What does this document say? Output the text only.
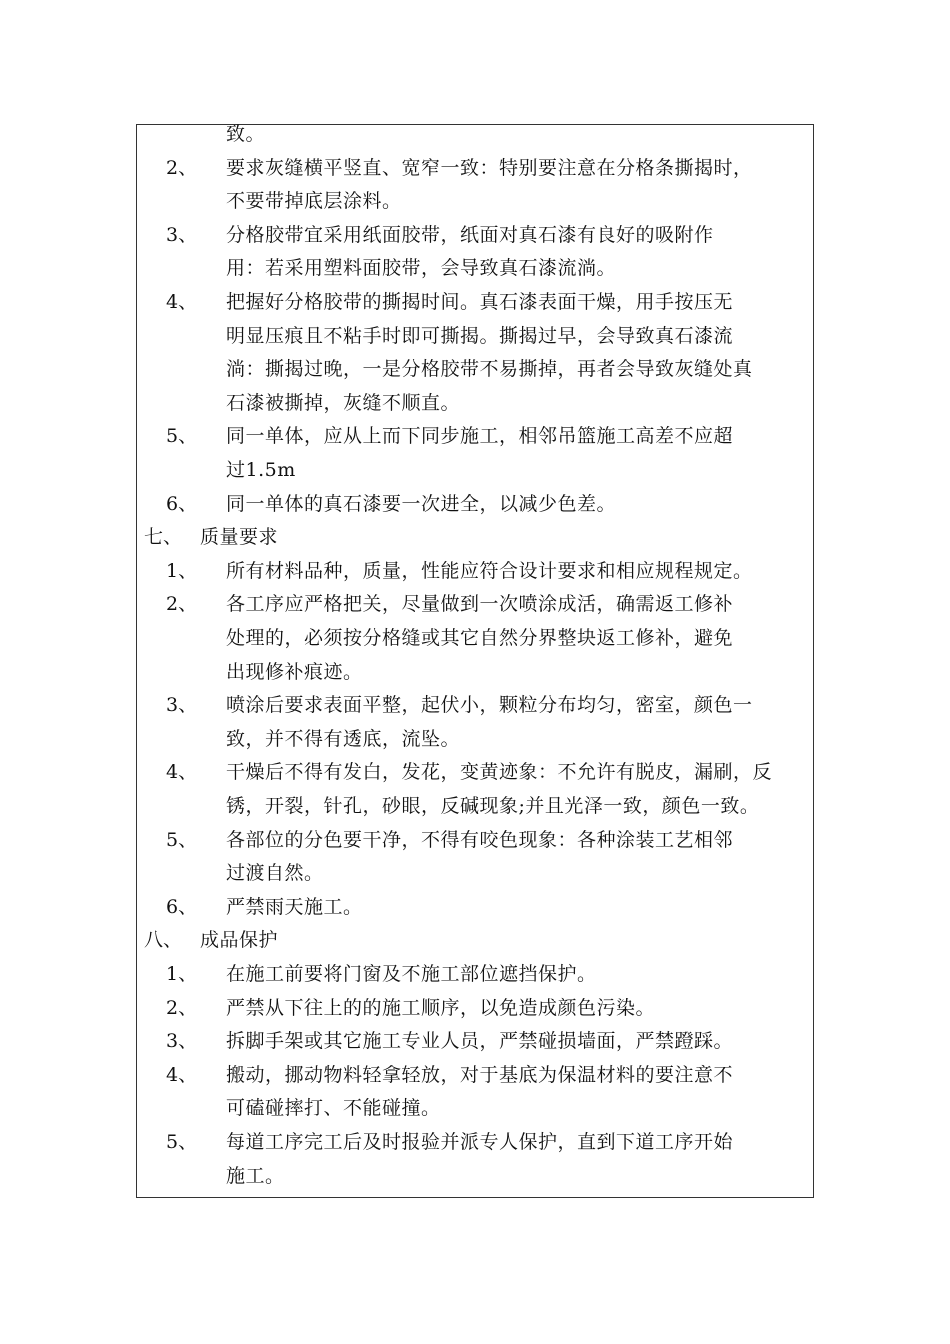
致。
2、 要求灰缝横平竖直、宽窄一致：特别要注意在分格条撕揭时，
不要带掉底层涂料。
3、 分格胶带宜采用纸面胶带，纸面对真石漆有良好的吸附作
用：若采用塑料面胶带，会导致真石漆流淌。
4、 把握好分格胶带的撕揭时间。真石漆表面干燥，用手按压无
明显压痕且不粘手时即可撕揭。撕揭过早，会导致真石漆流
淌：撕揭过晚，一是分格胶带不易撕掉，再者会导致灰缝处真
石漆被撕掉，灰缝不顺直。
5、 同一单体，应从上而下同步施工，相邻吊篮施工高差不应超
过1.5m
6、 同一单体的真石漆要一次进全，以减少色差。
七、 质量要求
1、 所有材料品种，质量，性能应符合设计要求和相应规程规定。
2、 各工序应严格把关，尽量做到一次喷涂成活，确需返工修补
处理的，必须按分格缝或其它自然分界整块返工修补，避免
出现修补痕迹。
3、 喷涂后要求表面平整，起伏小，颗粒分布均匀，密室，颜色一
致，并不得有透底，流坠。
4、 干燥后不得有发白，发花，变黄迹象：不允许有脱皮，漏刷，反
锈，开裂，针孔，砂眼，反碱现象;并且光泽一致，颜色一致。
5、 各部位的分色要干净，不得有咬色现象：各种涂装工艺相邻
过渡自然。
6、 严禁雨天施工。
八、 成品保护
1、 在施工前要将门窗及不施工部位遮挡保护。
2、 严禁从下往上的的施工顺序，以免造成颜色污染。
3、 拆脚手架或其它施工专业人员，严禁碰损墙面，严禁蹬踩。
4、 搬动，挪动物料轻拿轻放，对于基底为保温材料的要注意不
可磕碰摔打、不能碰撞。
5、 每道工序完工后及时报验并派专人保护，直到下道工序开始
施工。
